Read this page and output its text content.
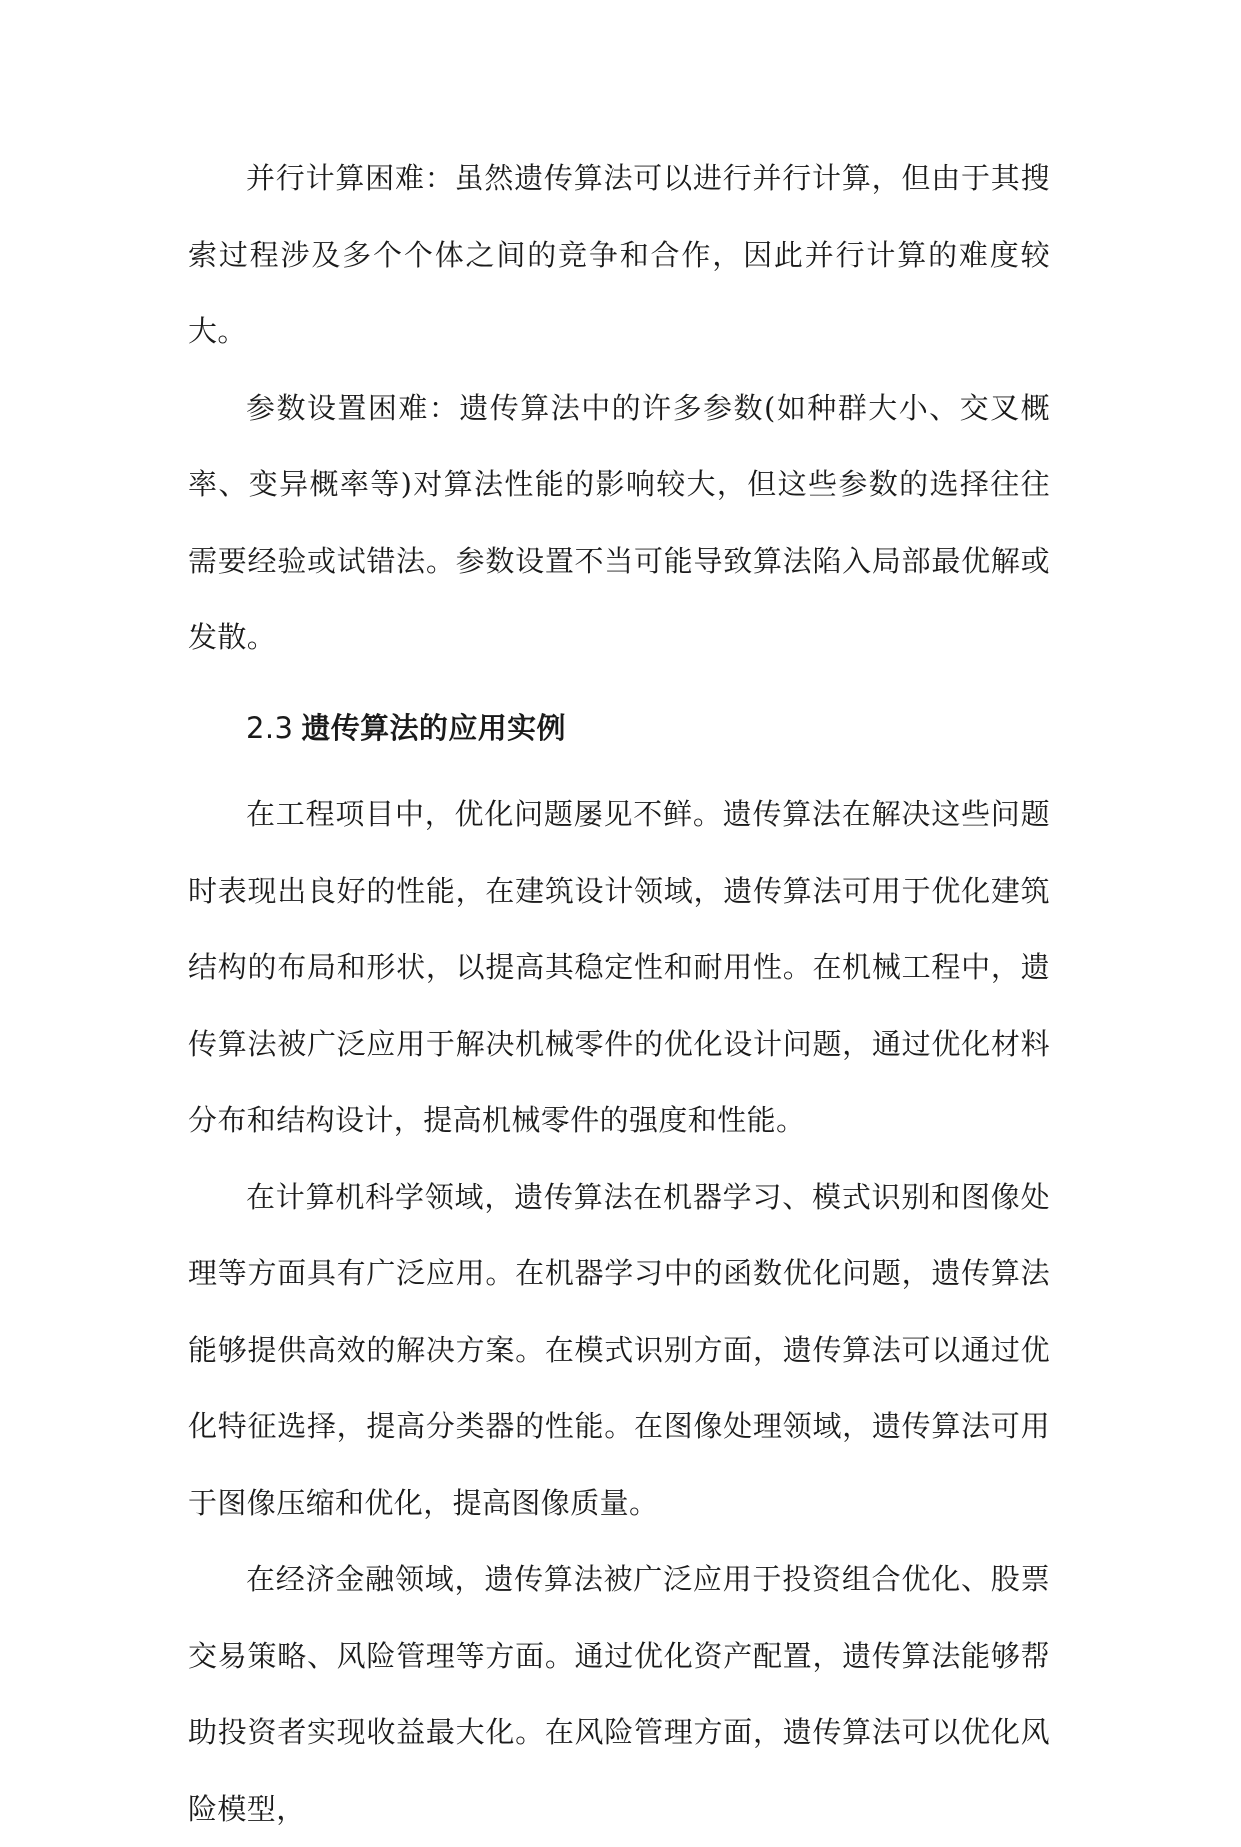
并行计算困难：虽然遗传算法可以进行并行计算，但由于其搜索过程涉及多个个体之间的竞争和合作，因此并行计算的难度较大。

参数设置困难：遗传算法中的许多参数(如种群大小、交叉概率、变异概率等)对算法性能的影响较大，但这些参数的选择往往需要经验或试错法。参数设置不当可能导致算法陷入局部最优解或发散。

2.3 遗传算法的应用实例

在工程项目中，优化问题屡见不鲜。遗传算法在解决这些问题时表现出良好的性能，在建筑设计领域，遗传算法可用于优化建筑结构的布局和形状，以提高其稳定性和耐用性。在机械工程中，遗传算法被广泛应用于解决机械零件的优化设计问题，通过优化材料分布和结构设计，提高机械零件的强度和性能。

在计算机科学领域，遗传算法在机器学习、模式识别和图像处理等方面具有广泛应用。在机器学习中的函数优化问题，遗传算法能够提供高效的解决方案。在模式识别方面，遗传算法可以通过优化特征选择，提高分类器的性能。在图像处理领域，遗传算法可用于图像压缩和优化，提高图像质量。

在经济金融领域，遗传算法被广泛应用于投资组合优化、股票交易策略、风险管理等方面。通过优化资产配置，遗传算法能够帮助投资者实现收益最大化。在风险管理方面，遗传算法可以优化风险模型，
